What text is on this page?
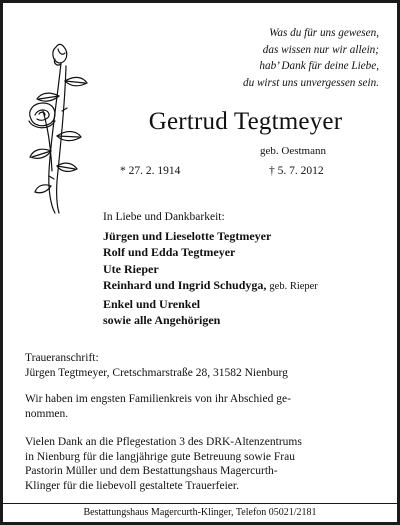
Was du für uns gewesen,
das wissen nur wir allein;
hab’ Dank für deine Liebe,
du wirst uns unvergessen sein.
Gertrud Tegtmeyer
geb. Oestmann
* 27. 2. 1914	† 5. 7. 2012
In Liebe und Dankbarkeit:
Jürgen und Lieselotte Tegtmeyer
Rolf und Edda Tegtmeyer
Ute Rieper
Reinhard und Ingrid Schudyga, geb. Rieper
Enkel und Urenkel
sowie alle Angehörigen
Traueranschrift:
Jürgen Tegtmeyer, Cretschmarstraße 28, 31582 Nienburg
Wir haben im engsten Familienkreis von ihr Abschied ge-
nommen.
Vielen Dank an die Pflegestation 3 des DRK-Altenzentrums
in Nienburg für die langjährige gute Betreuung sowie Frau
Pastorin Müller und dem Bestattungshaus Magercurth-
Klinger für die liebevoll gestaltete Trauerfeier.
Bestattungshaus Magercurth-Klinger, Telefon 05021/2181
